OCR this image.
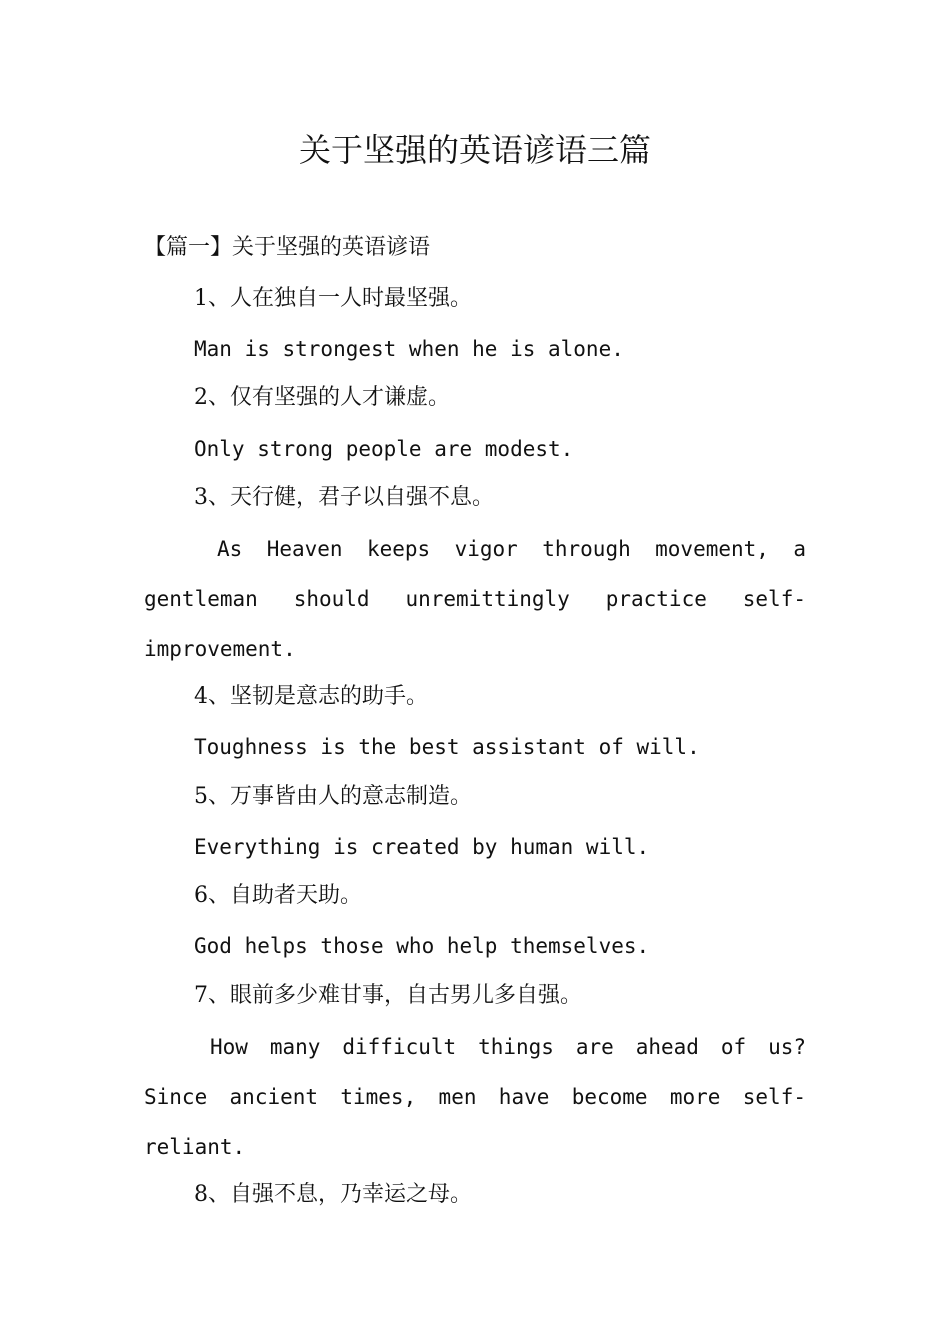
关于坚强的英语谚语三篇
【篇一】关于坚强的英语谚语

1、人在独自一人时最坚强。

Man is strongest when he is alone.

2、仅有坚强的人才谦虚。

Only strong people are modest.

3、天行健，君子以自强不息。

As Heaven keeps vigor through movement, a gentleman should unremittingly practice self-improvement.

4、坚韧是意志的助手。

Toughness is the best assistant of will.

5、万事皆由人的意志制造。

Everything is created by human will.

6、自助者天助。

God helps those who help themselves.

7、眼前多少难甘事，自古男儿多自强。

How many difficult things are ahead of us? Since ancient times, men have become more self-reliant.

8、自强不息，乃幸运之母。
